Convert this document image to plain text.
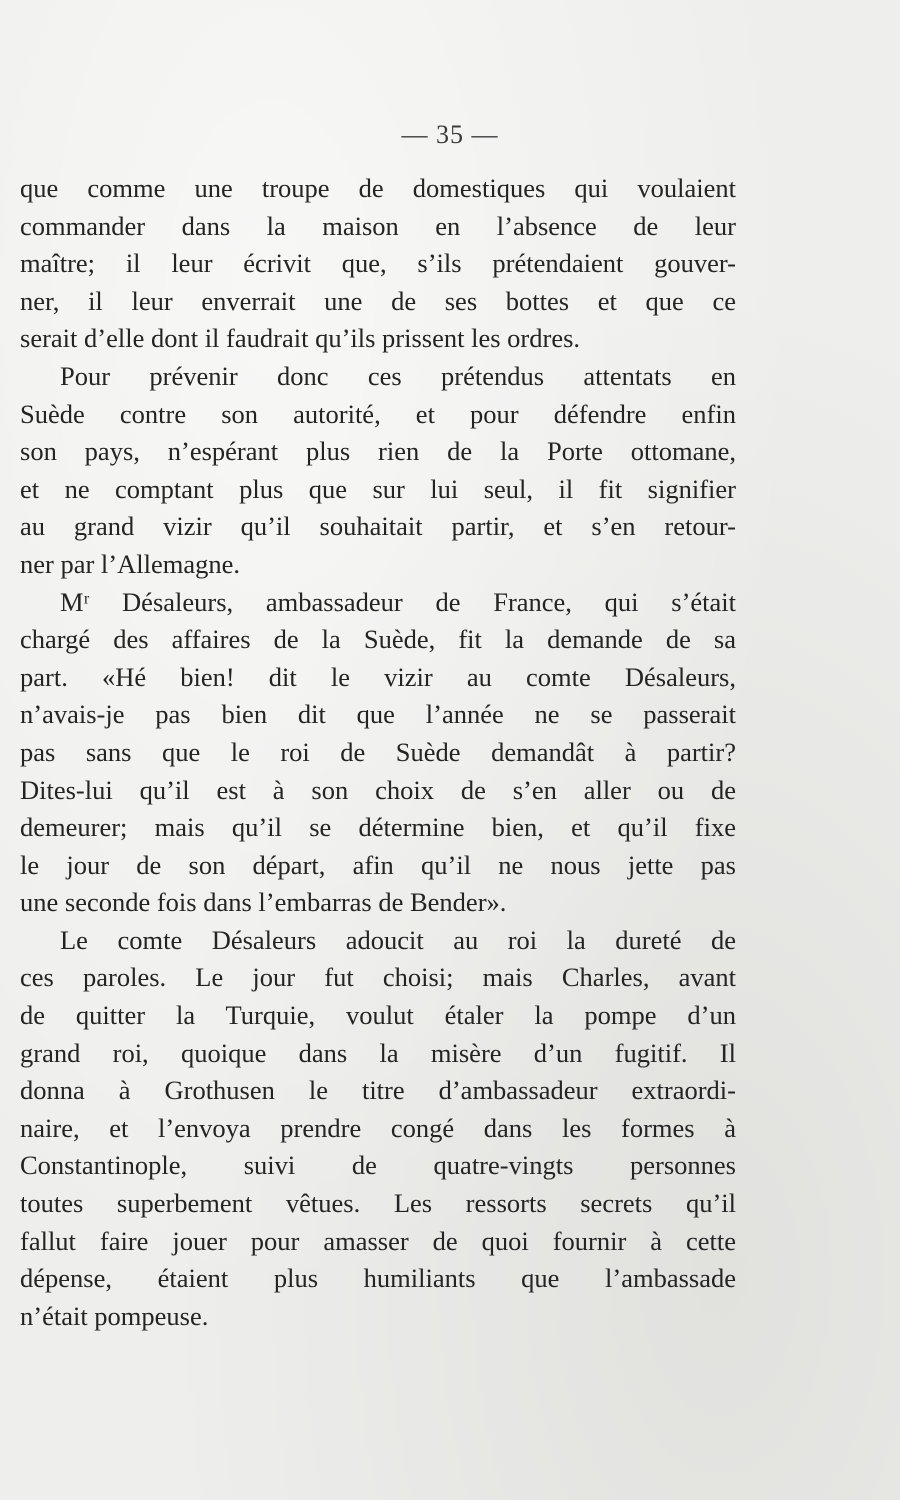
— 35 —

que comme une troupe de domestiques qui voulaient
commander dans la maison en l’absence de leur
maître; il leur écrivit que, s’ils prétendaient gouver-
ner, il leur enverrait une de ses bottes et que ce
serait d’elle dont il faudrait qu’ils prissent les ordres.

Pour prévenir donc ces prétendus attentats en
Suède contre son autorité, et pour défendre enfin
son pays, n’espérant plus rien de la Porte ottomane,
et ne comptant plus que sur lui seul, il fit signifier
au grand vizir qu’il souhaitait partir, et s’en retour-
ner par l’Allemagne.

Mʳ Désaleurs, ambassadeur de France, qui s’était
chargé des affaires de la Suède, fit la demande de sa
part. «Hé bien! dit le vizir au comte Désaleurs,
n’avais-je pas bien dit que l’année ne se passerait
pas sans que le roi de Suède demandât à partir?
Dites-lui qu’il est à son choix de s’en aller ou de
demeurer; mais qu’il se détermine bien, et qu’il fixe
le jour de son départ, afin qu’il ne nous jette pas
une seconde fois dans l’embarras de Bender».

Le comte Désaleurs adoucit au roi la dureté de
ces paroles. Le jour fut choisi; mais Charles, avant
de quitter la Turquie, voulut étaler la pompe d’un
grand roi, quoique dans la misère d’un fugitif. Il
donna à Grothusen le titre d’ambassadeur extraordi-
naire, et l’envoya prendre congé dans les formes à
Constantinople, suivi de quatre-vingts personnes
toutes superbement vêtues. Les ressorts secrets qu’il
fallut faire jouer pour amasser de quoi fournir à cette
dépense, étaient plus humiliants que l’ambassade
n’était pompeuse.
